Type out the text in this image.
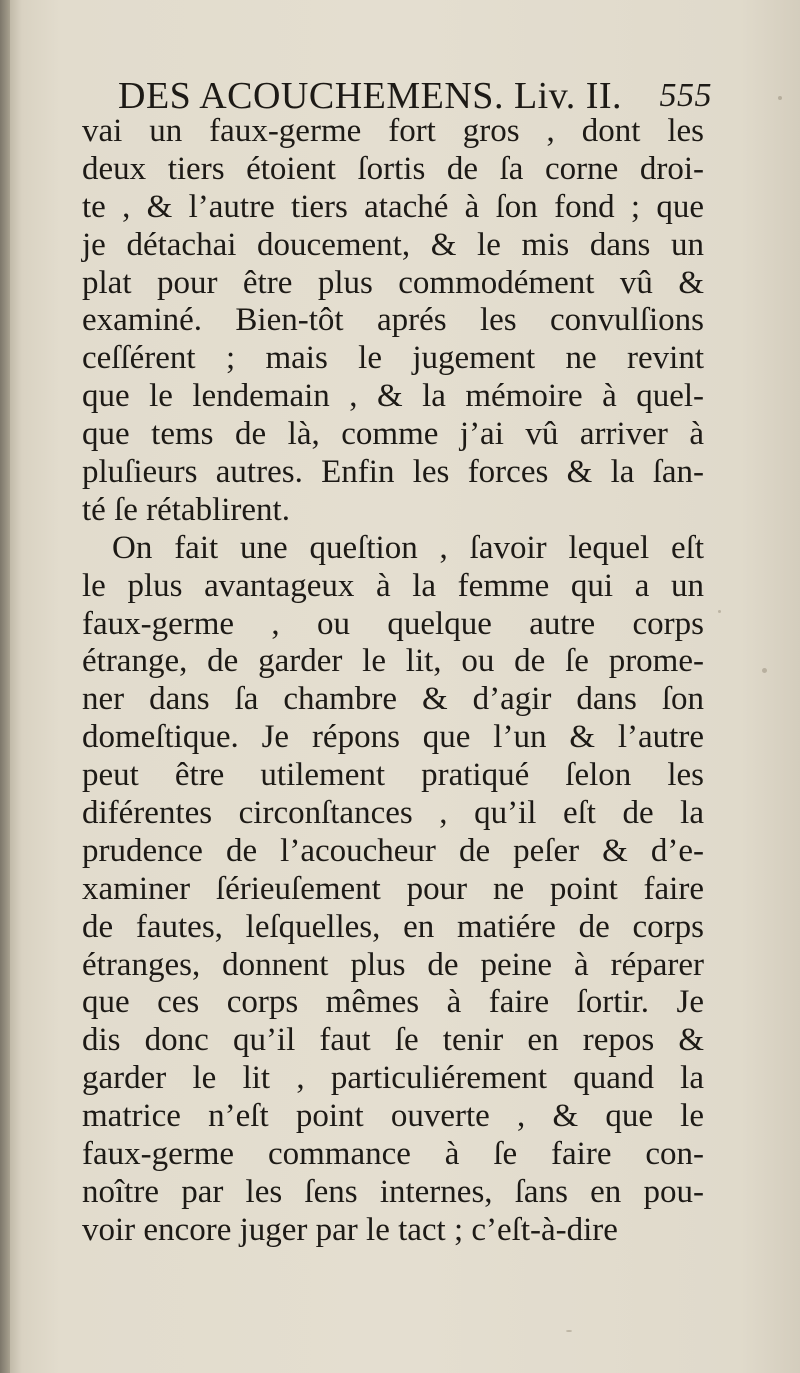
DES ACOUCHEMENS. Liv. II. 555
vai un faux-germe fort gros , dont les
deux tiers étoient ſortis de ſa corne droi-
te , & l’autre tiers ataché à ſon fond ; que
je détachai doucement, & le mis dans un
plat pour être plus commodément vû &
examiné. Bien-tôt aprés les convulſions
ceſſérent ; mais le jugement ne revint
que le lendemain , & la mémoire à quel-
que tems de là, comme j’ai vû arriver à
pluſieurs autres. Enfin les forces & la ſan-
té ſe rétablirent.
On fait une queſtion , ſavoir lequel eſt
le plus avantageux à la femme qui a un
faux-germe , ou quelque autre corps
étrange, de garder le lit, ou de ſe prome-
ner dans ſa chambre & d’agir dans ſon
domeſtique. Je répons que l’un & l’autre
peut être utilement pratiqué ſelon les
diférentes circonſtances , qu’il eſt de la
prudence de l’acoucheur de peſer & d’e-
xaminer ſérieuſement pour ne point faire
de fautes, leſquelles, en matiére de corps
étranges, donnent plus de peine à réparer
que ces corps mêmes à faire ſortir. Je
dis donc qu’il faut ſe tenir en repos &
garder le lit , particuliérement quand la
matrice n’eſt point ouverte , & que le
faux-germe commance à ſe faire con-
noître par les ſens internes, ſans en pou-
voir encore juger par le tact ; c’eſt-à-dire
